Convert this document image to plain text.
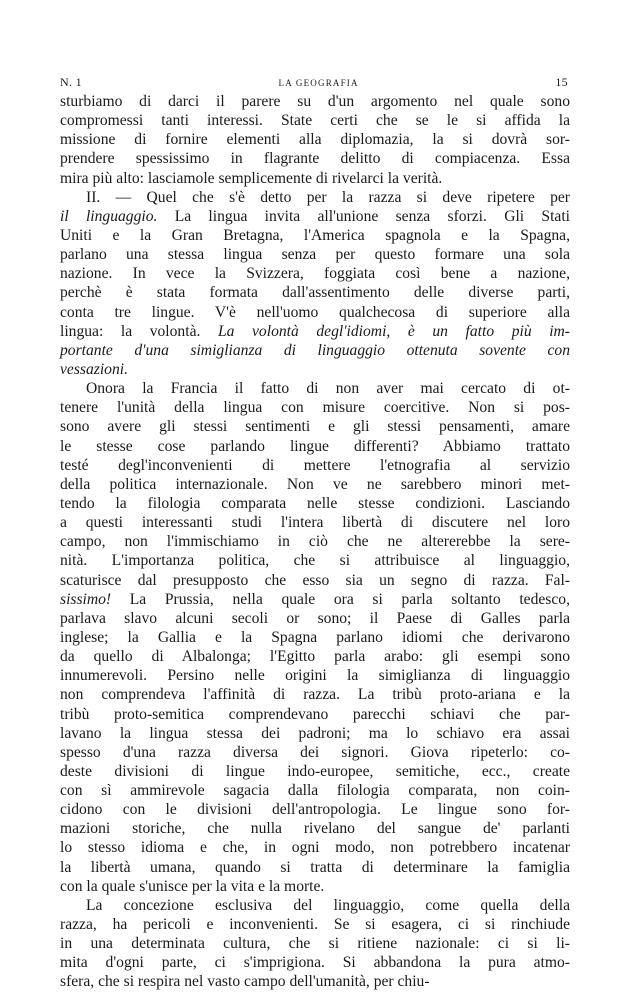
N. 1	LA GEOGRAFIA	15
sturbiamo di darci il parere su d'un argomento nel quale sono
compromessi tanti interessi. State certi che se le si affida la
missione di fornire elementi alla diplomazia, la si dovrà sor-
prendere spessissimo in flagrante delitto di compiacenza. Essa
mira più alto: lasciamole semplicemente di rivelarci la verità.
II. — Quel che s'è detto per la razza si deve ripetere per
il linguaggio. La lingua invita all'unione senza sforzi. Gli Stati
Uniti e la Gran Bretagna, l'America spagnola e la Spagna,
parlano una stessa lingua senza per questo formare una sola
nazione. In vece la Svizzera, foggiata così bene a nazione,
perchè è stata formata dall'assentimento delle diverse parti,
conta tre lingue. V'è nell'uomo qualchecosa di superiore alla
lingua: la volontà. La volontà degl'idiomi, è un fatto più im-
portante d'una simiglianza di linguaggio ottenuta sovente con
vessazioni.
Onora la Francia il fatto di non aver mai cercato di ot-
tenere l'unità della lingua con misure coercitive. Non si pos-
sono avere gli stessi sentimenti e gli stessi pensamenti, amare
le stesse cose parlando lingue differenti? Abbiamo trattato
testé degl'inconvenienti di mettere l'etnografia al servizio
della politica internazionale. Non ve ne sarebbero minori met-
tendo la filologia comparata nelle stesse condizioni. Lasciando
a questi interessanti studi l'intera libertà di discutere nel loro
campo, non l'immischiamo in ciò che ne altererebbe la sere-
nità. L'importanza politica, che si attribuisce al linguaggio,
scaturisce dal presupposto che esso sia un segno di razza. Fal-
sissimo! La Prussia, nella quale ora si parla soltanto tedesco,
parlava slavo alcuni secoli or sono; il Paese di Galles parla
inglese; la Gallia e la Spagna parlano idiomi che derivarono
da quello di Albalonga; l'Egitto parla arabo: gli esempi sono
innumerevoli. Persino nelle origini la simiglianza di linguaggio
non comprendeva l'affinità di razza. La tribù proto-ariana e la
tribù proto-semitica comprendevano parecchi schiavi che par-
lavano la lingua stessa dei padroni; ma lo schiavo era assai
spesso d'una razza diversa dei signori. Giova ripeterlo: co-
deste divisioni di lingue indo-europee, semitiche, ecc., create
con sì ammirevole sagacia dalla filologia comparata, non coin-
cidono con le divisioni dell'antropologia. Le lingue sono for-
mazioni storiche, che nulla rivelano del sangue de' parlanti
lo stesso idioma e che, in ogni modo, non potrebbero incatenar
la libertà umana, quando si tratta di determinare la famiglia
con la quale s'unisce per la vita e la morte.
La concezione esclusiva del linguaggio, come quella della
razza, ha pericoli e inconvenienti. Se si esagera, ci si rinchiude
in una determinata cultura, che si ritiene nazionale: ci si li-
mita d'ogni parte, ci s'imprigiona. Si abbandona la pura atmo-
sfera, che si respira nel vasto campo dell'umanità, per chiu-
